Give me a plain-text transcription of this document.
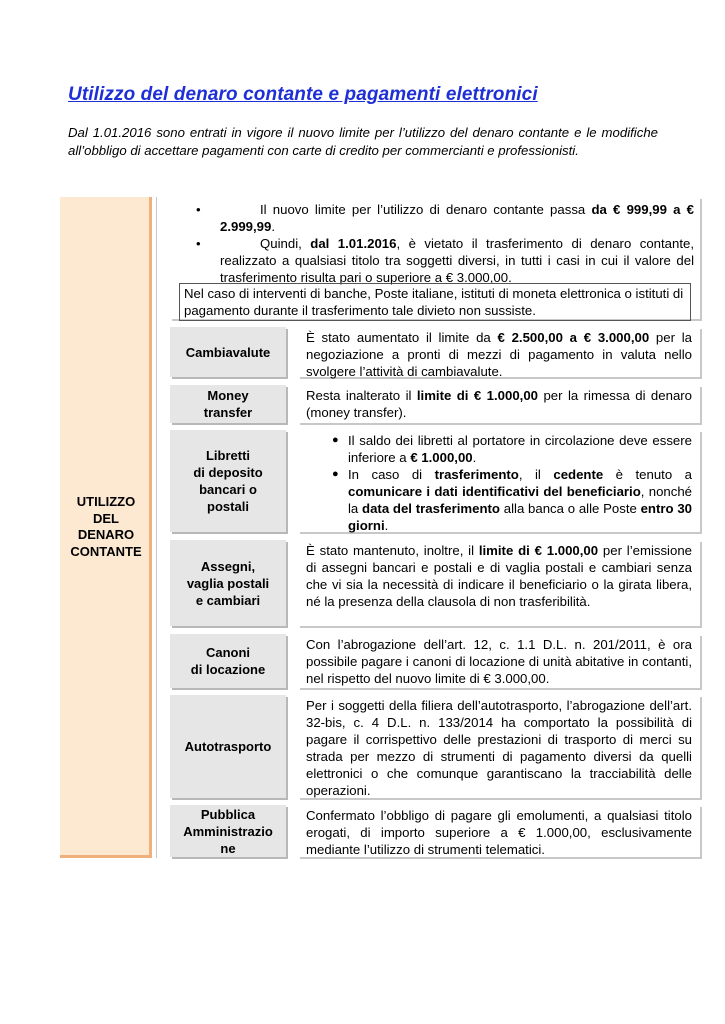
Utilizzo del denaro contante e pagamenti elettronici
Dal 1.01.2016 sono entrati in vigore il nuovo limite per l’utilizzo del denaro contante e le modifiche all’obbligo di accettare pagamenti con carte di credito per commercianti e professionisti.
UTILIZZO
DEL
DENARO
CONTANTE
•	Il nuovo limite per l’utilizzo di denaro contante passa da € 999,99 a € 2.999,99.
•	Quindi, dal 1.01.2016, è vietato il trasferimento di denaro contante, realizzato a qualsiasi titolo tra soggetti diversi, in tutti i casi in cui il valore del trasferimento risulta pari o superiore a € 3.000,00.
Nel caso di interventi di banche, Poste italiane, istituti di moneta elettronica o istituti di pagamento durante il trasferimento tale divieto non sussiste.
Cambiavalute
È stato aumentato il limite da € 2.500,00 a € 3.000,00 per la negoziazione a pronti di mezzi di pagamento in valuta nello svolgere l’attività di cambiavalute.
Money
transfer
Resta inalterato il limite di € 1.000,00 per la rimessa di denaro (money transfer).
Libretti
di deposito
bancari o
postali
● Il saldo dei libretti al portatore in circolazione deve essere inferiore a € 1.000,00.
● In caso di trasferimento, il cedente è tenuto a comunicare i dati identificativi del beneficiario, nonché la data del trasferimento alla banca o alle Poste entro 30 giorni.
Assegni,
vaglia postali
e cambiari
È stato mantenuto, inoltre, il limite di € 1.000,00 per l’emissione di assegni bancari e postali e di vaglia postali e cambiari senza che vi sia la necessità di indicare il beneficiario o la girata libera, né la presenza della clausola di non trasferibilità.
Canoni
di locazione
Con l’abrogazione dell’art. 12, c. 1.1 D.L. n. 201/2011, è ora possibile pagare i canoni di locazione di unità abitative in contanti, nel rispetto del nuovo limite di € 3.000,00.
Autotrasporto
Per i soggetti della filiera dell’autotrasporto, l’abrogazione dell’art. 32-bis, c. 4 D.L. n. 133/2014 ha comportato la possibilità di pagare il corrispettivo delle prestazioni di trasporto di merci su strada per mezzo di strumenti di pagamento diversi da quelli elettronici o che comunque garantiscano la tracciabilità delle operazioni.
Pubblica
Amministrazio
ne
Confermato l’obbligo di pagare gli emolumenti, a qualsiasi titolo erogati, di importo superiore a € 1.000,00, esclusivamente mediante l’utilizzo di strumenti telematici.
